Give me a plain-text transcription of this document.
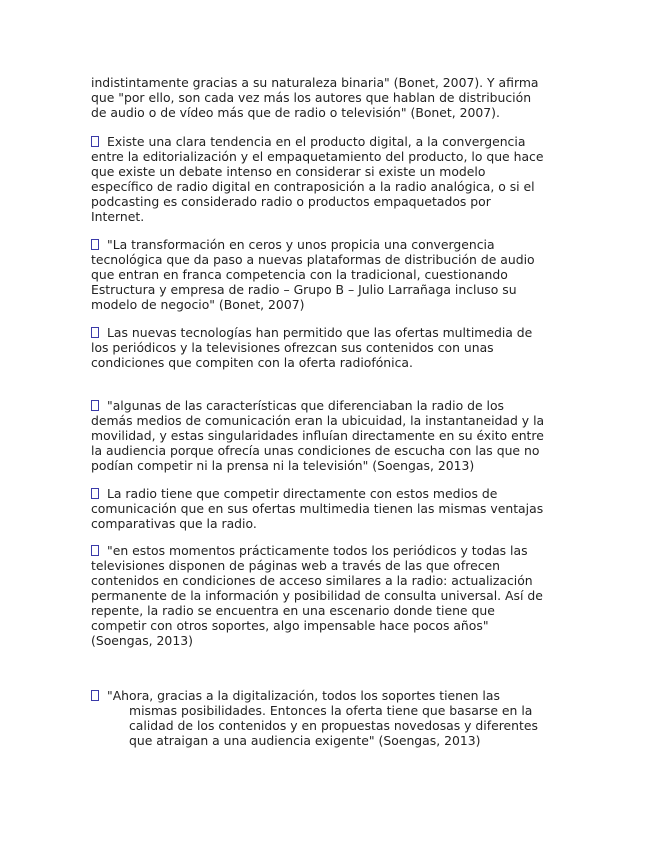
indistintamente gracias a su naturaleza binaria" (Bonet, 2007). Y afirma
que "por ello, son cada vez más los autores que hablan de distribución
de audio o de vídeo más que de radio o televisión" (Bonet, 2007).

Existe una clara tendencia en el producto digital, a la convergencia
entre la editorialización y el empaquetamiento del producto, lo que hace
que existe un debate intenso en considerar si existe un modelo
específico de radio digital en contraposición a la radio analógica, o si el
podcasting es considerado radio o productos empaquetados por
Internet.

"La transformación en ceros y unos propicia una convergencia
tecnológica que da paso a nuevas plataformas de distribución de audio
que entran en franca competencia con la tradicional, cuestionando
Estructura y empresa de radio – Grupo B – Julio Larrañaga incluso su
modelo de negocio" (Bonet, 2007)

Las nuevas tecnologías han permitido que las ofertas multimedia de
los periódicos y la televisiones ofrezcan sus contenidos con unas
condiciones que compiten con la oferta radiofónica.

"algunas de las características que diferenciaban la radio de los
demás medios de comunicación eran la ubicuidad, la instantaneidad y la
movilidad, y estas singularidades influían directamente en su éxito entre
la audiencia porque ofrecía unas condiciones de escucha con las que no
podían competir ni la prensa ni la televisión" (Soengas, 2013)

La radio tiene que competir directamente con estos medios de
comunicación que en sus ofertas multimedia tienen las mismas ventajas
comparativas que la radio.

"en estos momentos prácticamente todos los periódicos y todas las
televisiones disponen de páginas web a través de las que ofrecen
contenidos en condiciones de acceso similares a la radio: actualización
permanente de la información y posibilidad de consulta universal. Así de
repente, la radio se encuentra en una escenario donde tiene que
competir con otros soportes, algo impensable hace pocos años"
(Soengas, 2013)

"Ahora, gracias a la digitalización, todos los soportes tienen las
mismas posibilidades. Entonces la oferta tiene que basarse en la
calidad de los contenidos y en propuestas novedosas y diferentes
que atraigan a una audiencia exigente" (Soengas, 2013)
